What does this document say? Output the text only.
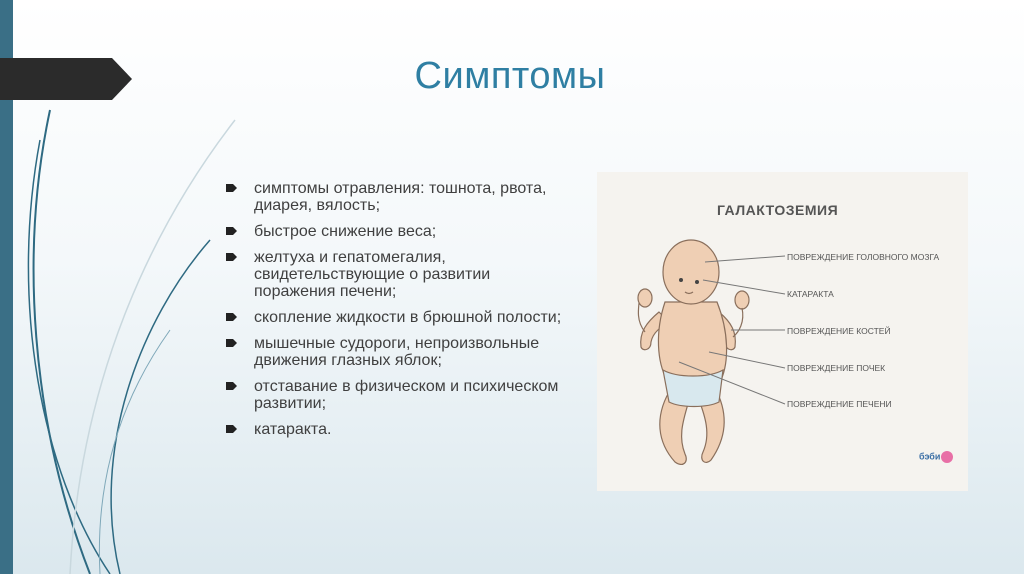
Симптомы
симптомы отравления: тошнота, рвота, диарея, вялость;
быстрое снижение веса;
желтуха и гепатомегалия, свидетельствующие о развитии поражения печени;
скопление жидкости в брюшной полости;
мышечные судороги, непроизвольные движения глазных яблок;
отставание в физическом и психическом развитии;
катаракта.
ГАЛАКТОЗЕМИЯ
ПОВРЕЖДЕНИЕ ГОЛОВНОГО МОЗГА
КАТАРАКТА
ПОВРЕЖДЕНИЕ КОСТЕЙ
ПОВРЕЖДЕНИЕ ПОЧЕК
ПОВРЕЖДЕНИЕ ПЕЧЕНИ
бэби
